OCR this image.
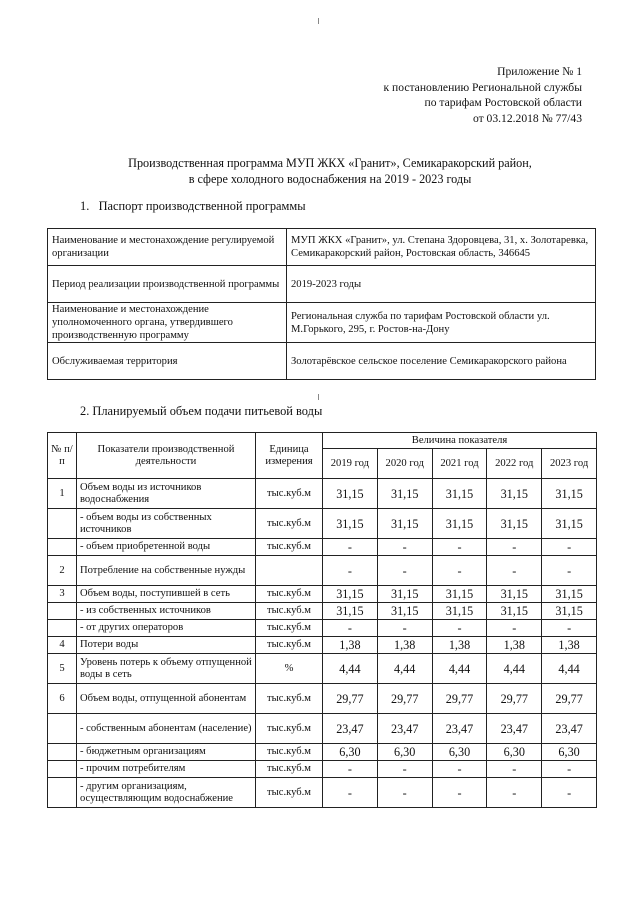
Приложение № 1
к постановлению Региональной службы
по тарифам Ростовской области
от 03.12.2018 № 77/43
Производственная программа МУП ЖКХ «Гранит», Семикаракорский район,
в сфере холодного водоснабжения на 2019 - 2023 годы
1.   Паспорт производственной программы
Наименование и местонахождение регулируемой организации	МУП ЖКХ «Гранит», ул. Степана Здоровцева, 31, х. Золотаревка, Семикаракорский район, Ростовская область, 346645
Период реализации производственной программы	2019-2023 годы
Наименование и местонахождение уполномоченного органа, утвердившего производственную программу	Региональная служба по тарифам Ростовской области ул. М.Горького, 295, г. Ростов-на-Дону
Обслуживаемая территория	Золотарёвское сельское поселение Семикаракорского района
2. Планируемый объем подачи питьевой воды
№ п/п	Показатели производственной деятельности	Единица измерения	Величина показателя				
			2019 год	2020 год	2021 год	2022 год	2023 год
1	Объем воды из источников водоснабжения	тыс.куб.м	31,15	31,15	31,15	31,15	31,15
	- объем воды из собственных источников	тыс.куб.м	31,15	31,15	31,15	31,15	31,15
	- объем приобретенной воды	тыс.куб.м	-	-	-	-	-
2	Потребление на собственные нужды		-	-	-	-	-
3	Объем воды, поступившей в сеть	тыс.куб.м	31,15	31,15	31,15	31,15	31,15
	- из собственных источников	тыс.куб.м	31,15	31,15	31,15	31,15	31,15
	- от других операторов	тыс.куб.м	-	-	-	-	-
4	Потери воды	тыс.куб.м	1,38	1,38	1,38	1,38	1,38
5	Уровень потерь к объему отпущенной воды в сеть	%	4,44	4,44	4,44	4,44	4,44
6	Объем воды, отпущенной абонентам	тыс.куб.м	29,77	29,77	29,77	29,77	29,77
	- собственным абонентам (население)	тыс.куб.м	23,47	23,47	23,47	23,47	23,47
	- бюджетным организациям	тыс.куб.м	6,30	6,30	6,30	6,30	6,30
	- прочим потребителям	тыс.куб.м	-	-	-	-	-
	- другим организациям, осуществляющим водоснабжение	тыс.куб.м	-	-	-	-	-
